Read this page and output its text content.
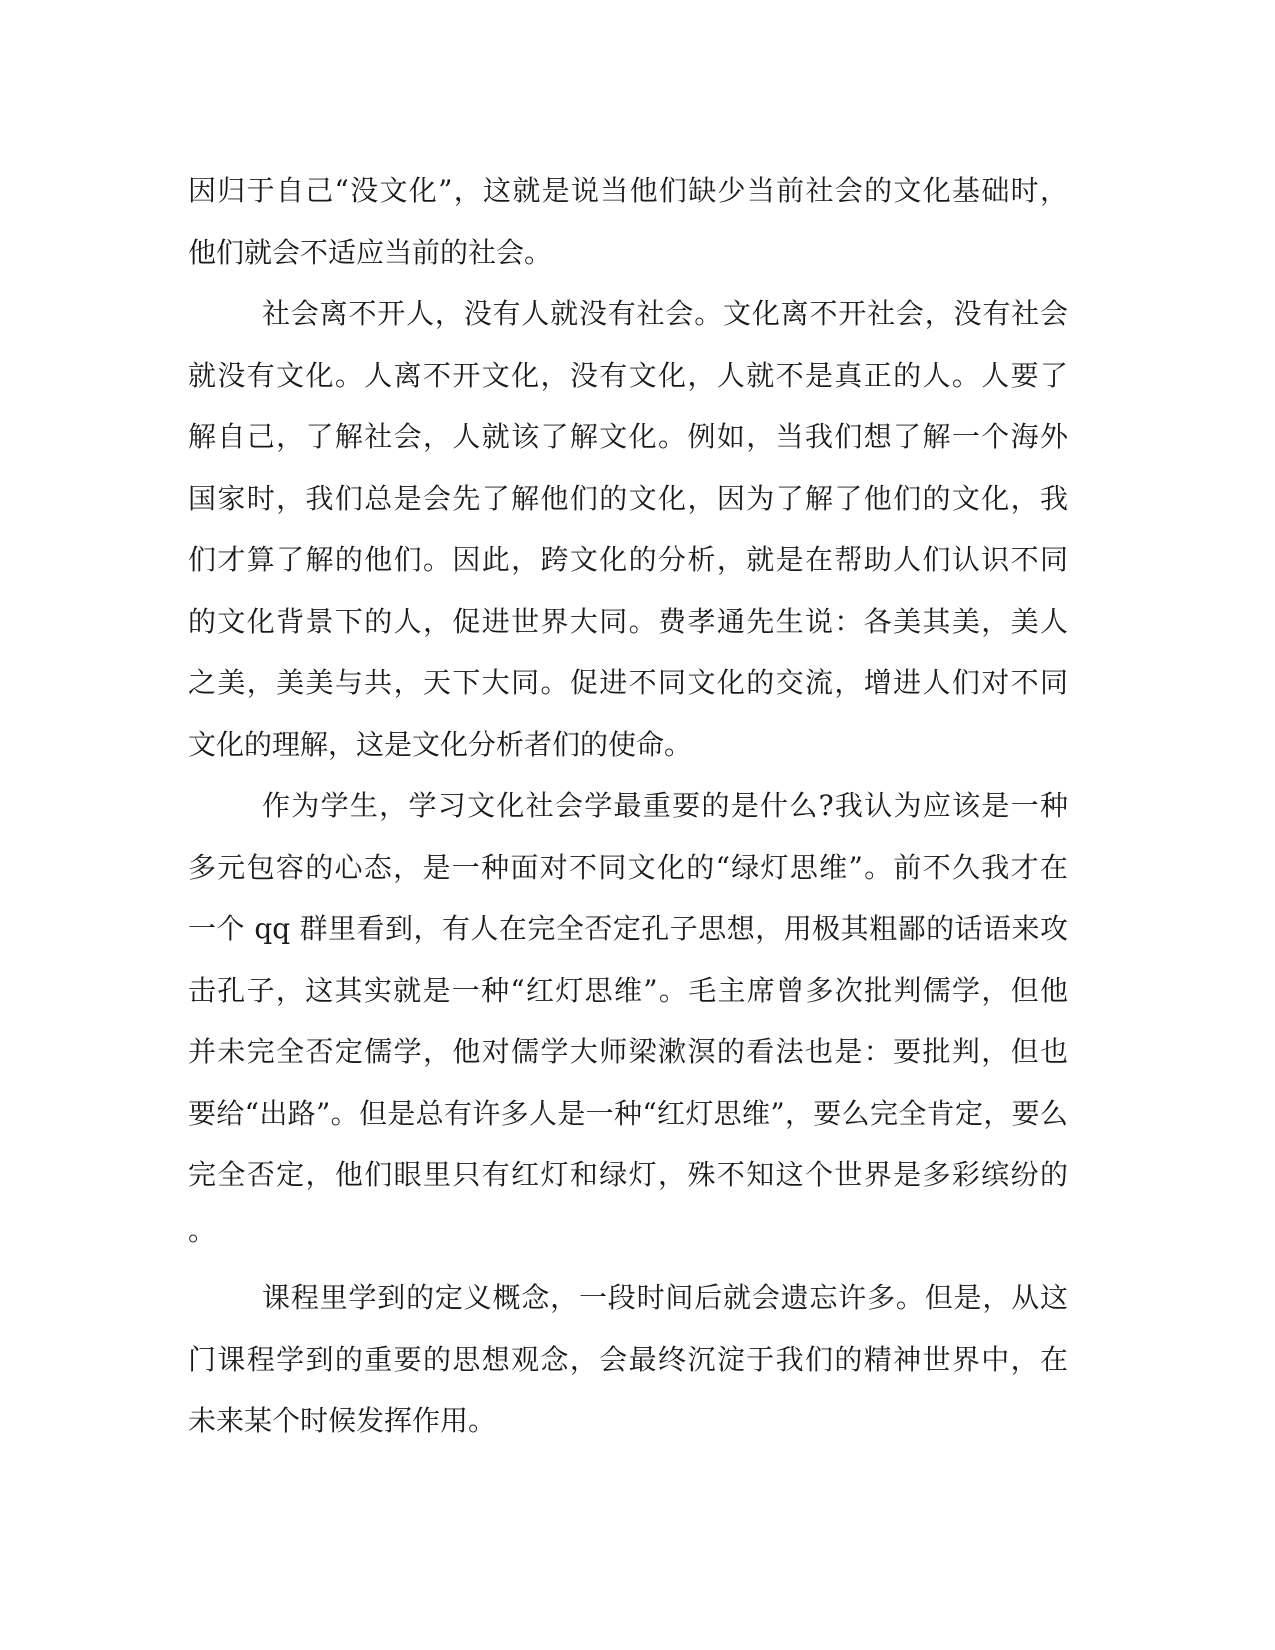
因归于自己“没文化”，这就是说当他们缺少当前社会的文化基础时，
他们就会不适应当前的社会。
社会离不开人，没有人就没有社会。文化离不开社会，没有社会
就没有文化。人离不开文化，没有文化，人就不是真正的人。人要了
解自己，了解社会，人就该了解文化。例如，当我们想了解一个海外
国家时，我们总是会先了解他们的文化，因为了解了他们的文化，我
们才算了解的他们。因此，跨文化的分析，就是在帮助人们认识不同
的文化背景下的人，促进世界大同。费孝通先生说：各美其美，美人
之美，美美与共，天下大同。促进不同文化的交流，增进人们对不同
文化的理解，这是文化分析者们的使命。
作为学生，学习文化社会学最重要的是什么?我认为应该是一种
多元包容的心态，是一种面对不同文化的“绿灯思维”。前不久我才在
一个 qq 群里看到，有人在完全否定孔子思想，用极其粗鄙的话语来攻
击孔子，这其实就是一种“红灯思维”。毛主席曾多次批判儒学，但他
并未完全否定儒学，他对儒学大师梁漱溟的看法也是：要批判，但也
要给“出路”。但是总有许多人是一种“红灯思维”，要么完全肯定，要么
完全否定，他们眼里只有红灯和绿灯，殊不知这个世界是多彩缤纷的
。
课程里学到的定义概念，一段时间后就会遗忘许多。但是，从这
门课程学到的重要的思想观念，会最终沉淀于我们的精神世界中，在
未来某个时候发挥作用。
